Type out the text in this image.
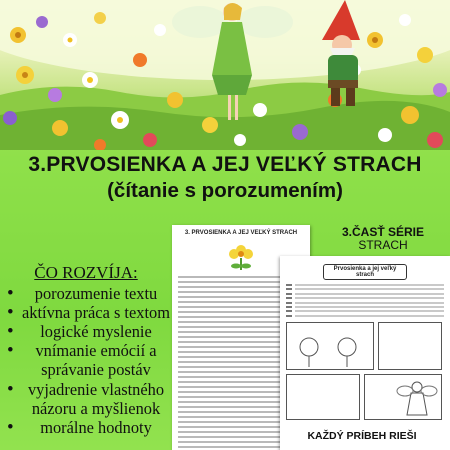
3.PRVOSIENKA A JEJ VEĽKÝ STRACH
(čítanie s porozumením)
ČO ROZVÍJA:
• porozumenie textu
• aktívna práca s textom
• logické myslenie
• vnímanie emócií a správanie postáv
• vyjadrenie vlastného názoru a myšlienok
• morálne hodnoty
3. PRVOSIENKA A JEJ VEĽKÝ STRACH
Prvosienka a jej veľký strach
3.ČASŤ SÉRIE
STRACH
KAŽDÝ PRÍBEH RIEŠI
